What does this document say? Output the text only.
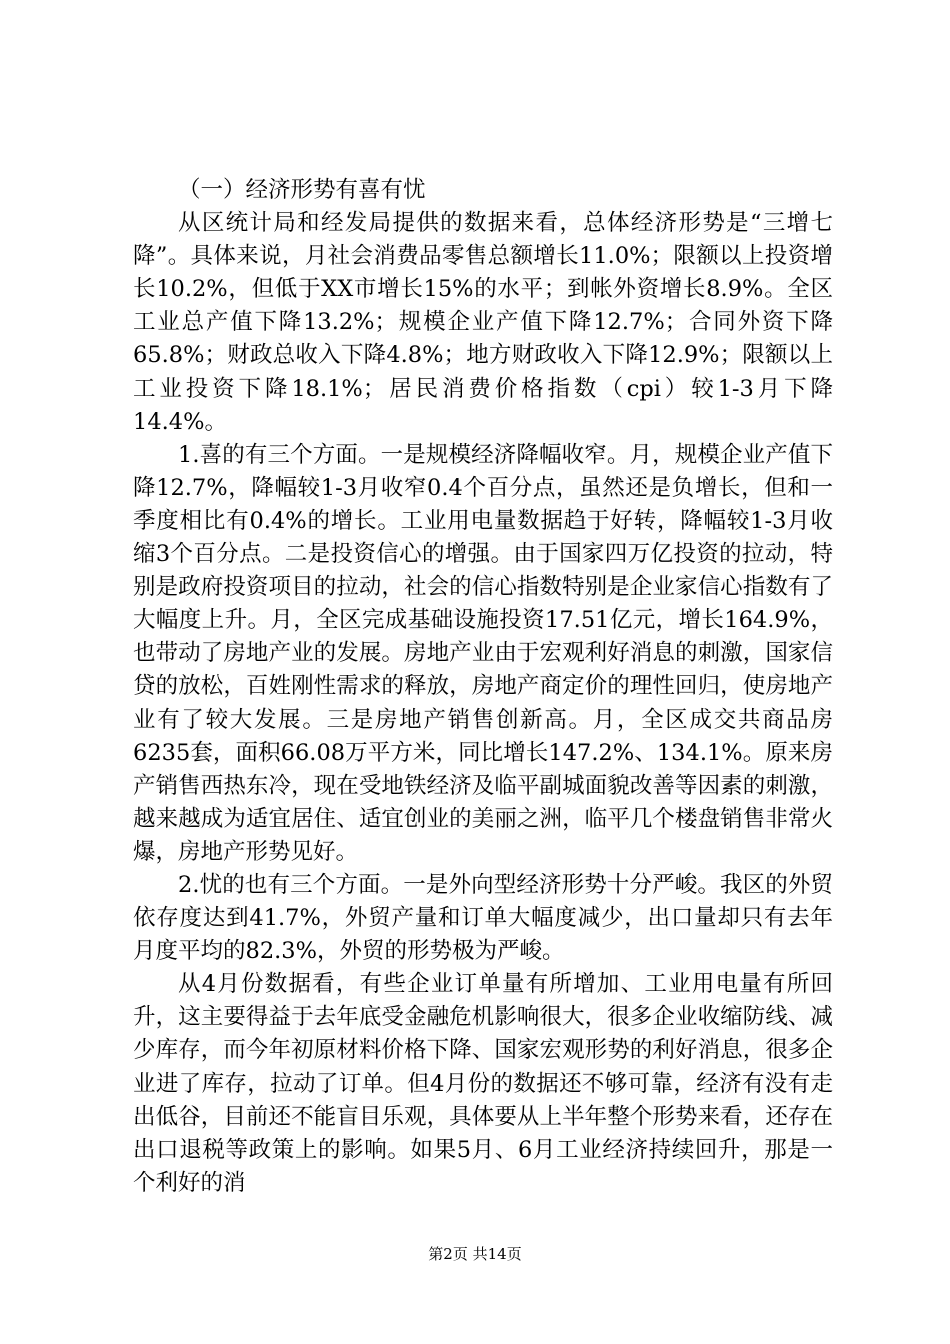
（一）经济形势有喜有忧

从区统计局和经发局提供的数据来看，总体经济形势是“三增七降”。具体来说，月社会消费品零售总额增长11.0%；限额以上投资增长10.2%，但低于XX市增长15%的水平；到帐外资增长8.9%。全区工业总产值下降13.2%；规模企业产值下降12.7%；合同外资下降65.8%；财政总收入下降4.8%；地方财政收入下降12.9%；限额以上工业投资下降18.1%；居民消费价格指数（cpi）较1-3月下降14.4%。

1.喜的有三个方面。一是规模经济降幅收窄。月，规模企业产值下降12.7%，降幅较1-3月收窄0.4个百分点，虽然还是负增长，但和一季度相比有0.4%的增长。工业用电量数据趋于好转，降幅较1-3月收缩3个百分点。二是投资信心的增强。由于国家四万亿投资的拉动，特别是政府投资项目的拉动，社会的信心指数特别是企业家信心指数有了大幅度上升。月，全区完成基础设施投资17.51亿元，增长164.9%，也带动了房地产业的发展。房地产业由于宏观利好消息的刺激，国家信贷的放松，百姓刚性需求的释放，房地产商定价的理性回归，使房地产业有了较大发展。三是房地产销售创新高。月，全区成交共商品房6235套，面积66.08万平方米，同比增长147.2%、134.1%。原来房产销售西热东冷，现在受地铁经济及临平副城面貌改善等因素的刺激，越来越成为适宜居住、适宜创业的美丽之洲，临平几个楼盘销售非常火爆，房地产形势见好。

2.忧的也有三个方面。一是外向型经济形势十分严峻。我区的外贸依存度达到41.7%，外贸产量和订单大幅度减少，出口量却只有去年月度平均的82.3%，外贸的形势极为严峻。

从4月份数据看，有些企业订单量有所增加、工业用电量有所回升，这主要得益于去年底受金融危机影响很大，很多企业收缩防线、减少库存，而今年初原材料价格下降、国家宏观形势的利好消息，很多企业进了库存，拉动了订单。但4月份的数据还不够可靠，经济有没有走出低谷，目前还不能盲目乐观，具体要从上半年整个形势来看，还存在出口退税等政策上的影响。如果5月、6月工业经济持续回升，那是一个利好的消

第2页 共14页
